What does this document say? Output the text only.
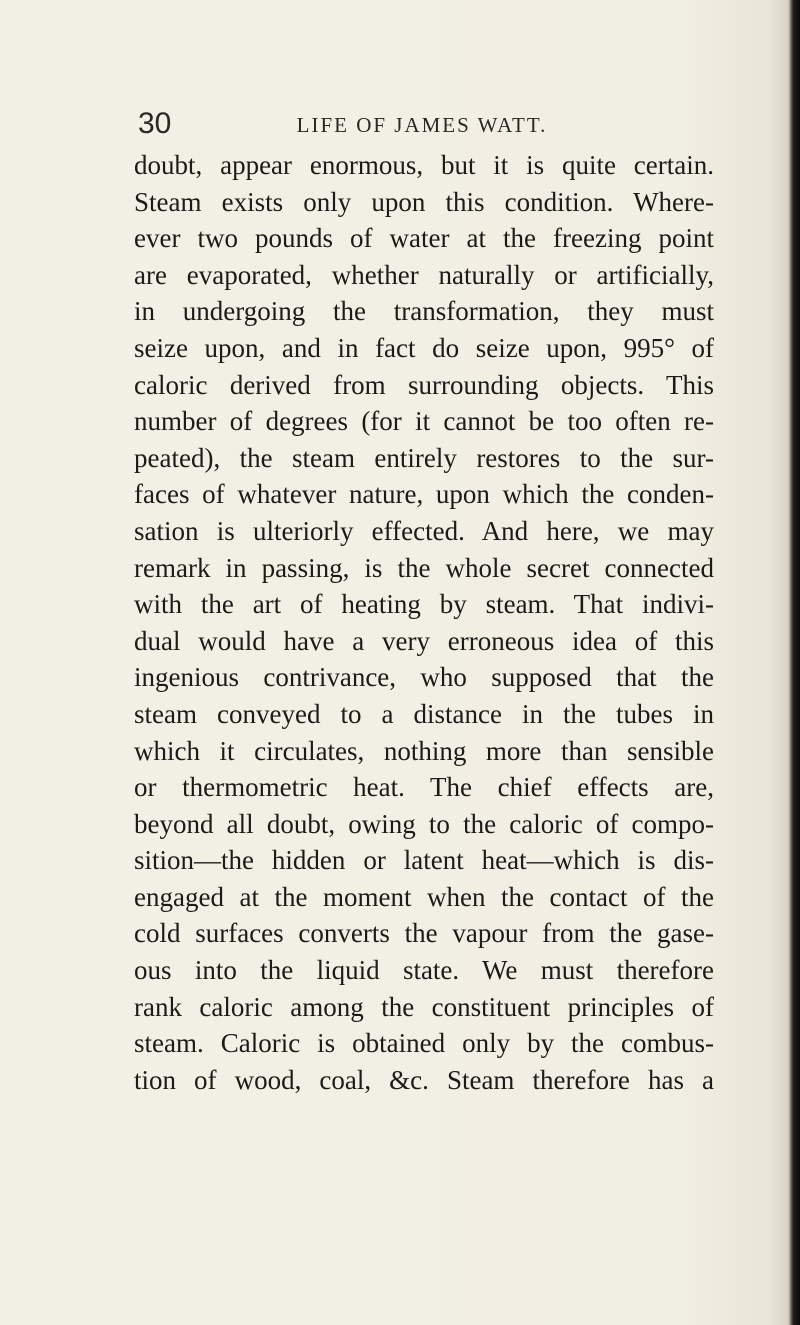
30	LIFE OF JAMES WATT.
doubt, appear enormous, but it is quite certain.
Steam exists only upon this condition. Where-
ever two pounds of water at the freezing point
are evaporated, whether naturally or artificially,
in undergoing the transformation, they must
seize upon, and in fact do seize upon, 995° of
caloric derived from surrounding objects. This
number of degrees (for it cannot be too often re-
peated), the steam entirely restores to the sur-
faces of whatever nature, upon which the conden-
sation is ulteriorly effected. And here, we may
remark in passing, is the whole secret connected
with the art of heating by steam. That indivi-
dual would have a very erroneous idea of this
ingenious contrivance, who supposed that the
steam conveyed to a distance in the tubes in
which it circulates, nothing more than sensible
or thermometric heat. The chief effects are,
beyond all doubt, owing to the caloric of compo-
sition—the hidden or latent heat—which is dis-
engaged at the moment when the contact of the
cold surfaces converts the vapour from the gase-
ous into the liquid state. We must therefore
rank caloric among the constituent principles of
steam. Caloric is obtained only by the combus-
tion of wood, coal, &c. Steam therefore has a
